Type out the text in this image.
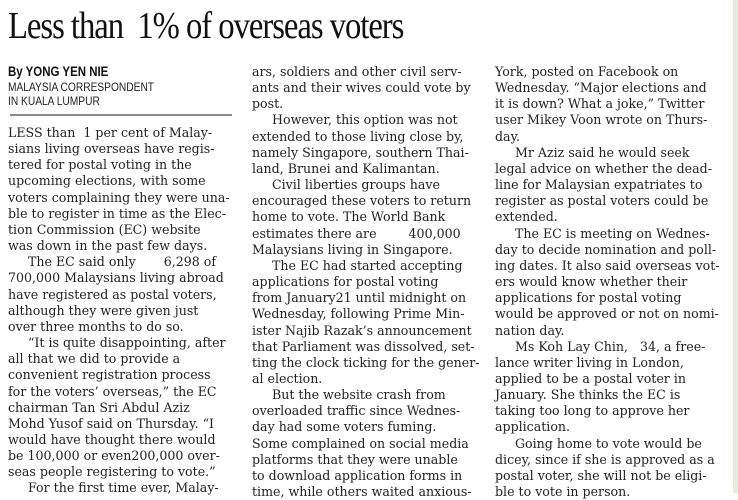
Less than  1% of overseas voters
By YONG YEN NIE
MALAYSIA CORRESPONDENT
IN KUALA LUMPUR
LESS than  1 per cent of Malay-
sians living overseas have regis-
tered for postal voting in the
upcoming elections, with some
voters complaining they were una-
ble to register in time as the Elec-
tion Commission (EC) website
was down in the past few days.
The EC said only       6,298 of
700,000 Malaysians living abroad
have registered as postal voters,
although they were given just
over three months to do so.
“It is quite disappointing, after
all that we did to provide a
convenient registration process
for the voters’ overseas,” the EC
chairman Tan Sri Abdul Aziz
Mohd Yusof said on Thursday. “I
would have thought there would
be 100,000 or even200,000 over-
seas people registering to vote.”
For the first time ever, Malay-
ars, soldiers and other civil serv-
ants and their wives could vote by
post.
However, this option was not
extended to those living close by,
namely Singapore, southern Thai-
land, Brunei and Kalimantan.
Civil liberties groups have
encouraged these voters to return
home to vote. The World Bank
estimates there are        400,000
Malaysians living in Singapore.
The EC had started accepting
applications for postal voting
from January21 until midnight on
Wednesday, following Prime Min-
ister Najib Razak’s announcement
that Parliament was dissolved, set-
ting the clock ticking for the gener-
al election.
But the website crash from
overloaded traffic since Wednes-
day had some voters fuming.
Some complained on social media
platforms that they were unable
to download application forms in
time, while others waited anxious-
York, posted on Facebook on
Wednesday. “Major elections and
it is down? What a joke,” Twitter
user Mikey Voon wrote on Thurs-
day.
Mr Aziz said he would seek
legal advice on whether the dead-
line for Malaysian expatriates to
register as postal voters could be
extended.
The EC is meeting on Wednes-
day to decide nomination and poll-
ing dates. It also said overseas vot-
ers would know whether their
applications for postal voting
would be approved or not on nomi-
nation day.
Ms Koh Lay Chin,   34, a free-
lance writer living in London,
applied to be a postal voter in
January. She thinks the EC is
taking too long to approve her
application.
Going home to vote would be
dicey, since if she is approved as a
postal voter, she will not be eligi-
ble to vote in person.
